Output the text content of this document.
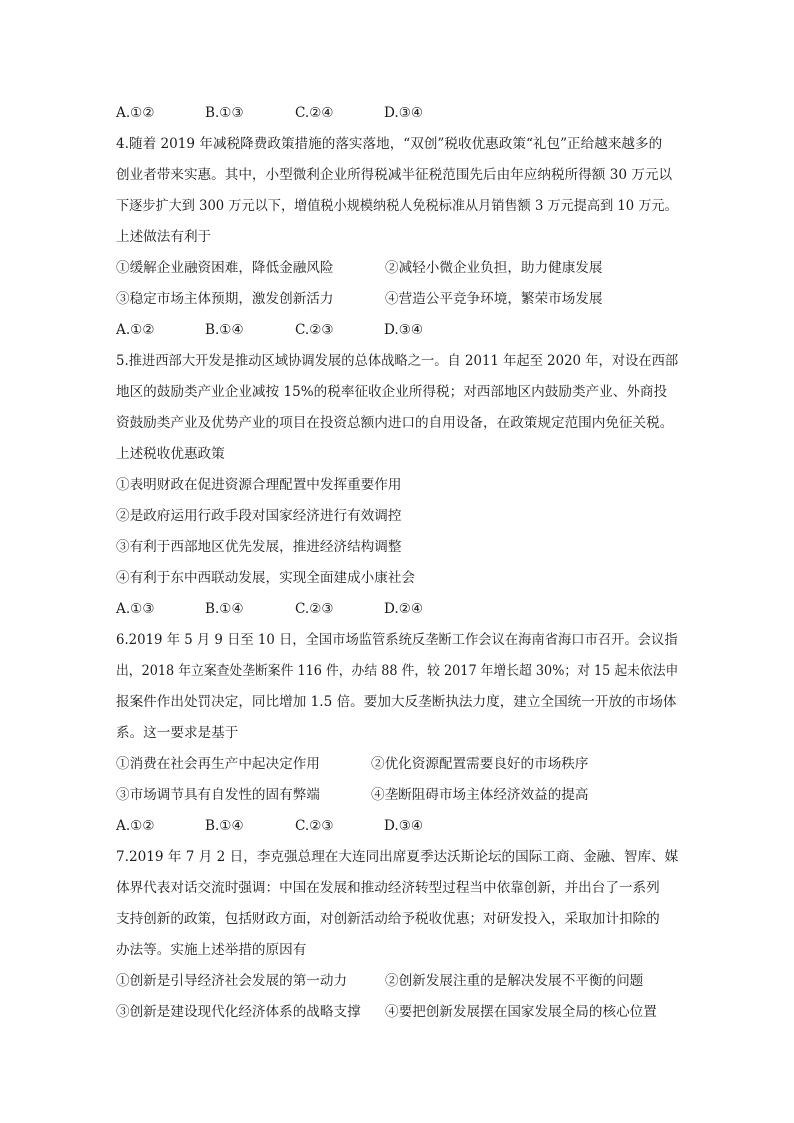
A.①②	B.①③	C.②④	D.③④
4.随着 2019 年减税降费政策措施的落实落地，“双创”税收优惠政策“礼包”正给越来越多的
创业者带来实惠。其中，小型微利企业所得税减半征税范围先后由年应纳税所得额 30 万元以
下逐步扩大到 300 万元以下，增值税小规模纳税人免税标准从月销售额 3 万元提高到 10 万元。
上述做法有利于
①缓解企业融资困难，降低金融风险	②减轻小微企业负担，助力健康发展
③稳定市场主体预期，激发创新活力	④营造公平竞争环境，繁荣市场发展
A.①②	B.①④	C.②③	D.③④
5.推进西部大开发是推动区域协调发展的总体战略之一。自 2011 年起至 2020 年，对设在西部
地区的鼓励类产业企业减按 15%的税率征收企业所得税；对西部地区内鼓励类产业、外商投
资鼓励类产业及优势产业的项目在投资总额内进口的自用设备，在政策规定范围内免征关税。
上述税收优惠政策
①表明财政在促进资源合理配置中发挥重要作用
②是政府运用行政手段对国家经济进行有效调控
③有利于西部地区优先发展，推进经济结构调整
④有利于东中西联动发展，实现全面建成小康社会
A.①③	B.①④	C.②③	D.②④
6.2019 年 5 月 9 日至 10 日，全国市场监管系统反垄断工作会议在海南省海口市召开。会议指
出，2018 年立案查处垄断案件 116 件，办结 88 件，较 2017 年增长超 30%；对 15 起未依法申
报案件作出处罚决定，同比增加 1.5 倍。要加大反垄断执法力度，建立全国统一开放的市场体
系。这一要求是基于
①消费在社会再生产中起决定作用	②优化资源配置需要良好的市场秩序
③市场调节具有自发性的固有弊端	④垄断阻碍市场主体经济效益的提高
A.①②	B.①④	C.②③	D.③④
7.2019 年 7 月 2 日，李克强总理在大连同出席夏季达沃斯论坛的国际工商、金融、智库、媒
体界代表对话交流时强调：中国在发展和推动经济转型过程当中依靠创新，并出台了一系列
支持创新的政策，包括财政方面，对创新活动给予税收优惠；对研发投入，采取加计扣除的
办法等。实施上述举措的原因有
①创新是引导经济社会发展的第一动力	②创新发展注重的是解决发展不平衡的问题
③创新是建设现代化经济体系的战略支撑 ④要把创新发展摆在国家发展全局的核心位置
